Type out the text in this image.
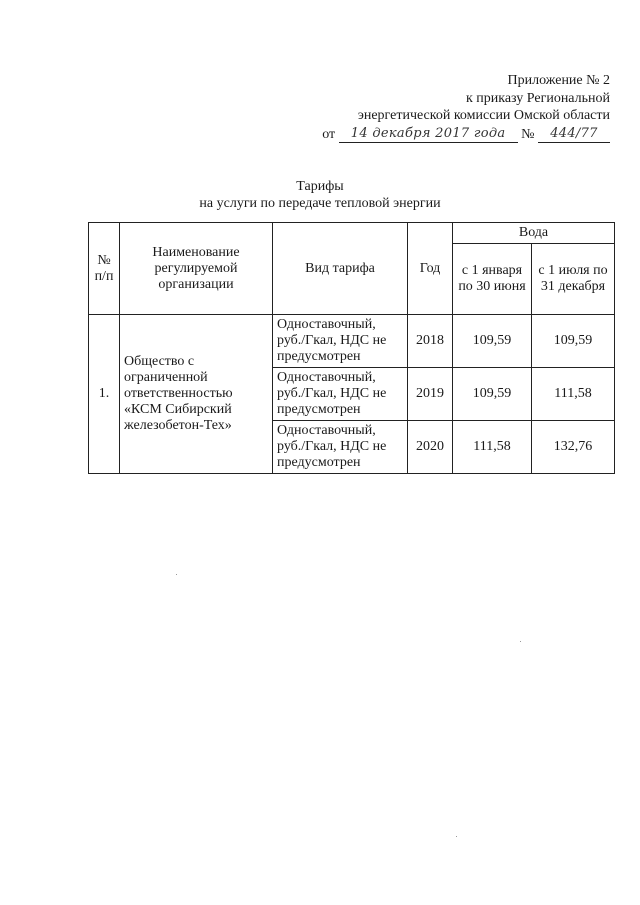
Приложение № 2
к приказу Региональной
энергетической комиссии Омской области
от 14 декабря 2017 года № 444/77
Тарифы
на услуги по передаче тепловой энергии
№ п/п	Наименование регулируемой организации	Вид тарифа	Год	Вода	
				с 1 января по 30 июня	с 1 июля по 31 декабря
1.	Общество с ограниченной ответственностью «КСМ Сибирский железобетон-Тех»	Одноставочный, руб./Гкал, НДС не предусмотрен	2018	109,59	109,59
		Одноставочный, руб./Гкал, НДС не предусмотрен	2019	109,59	111,58
		Одноставочный, руб./Гкал, НДС не предусмотрен	2020	111,58	132,76
